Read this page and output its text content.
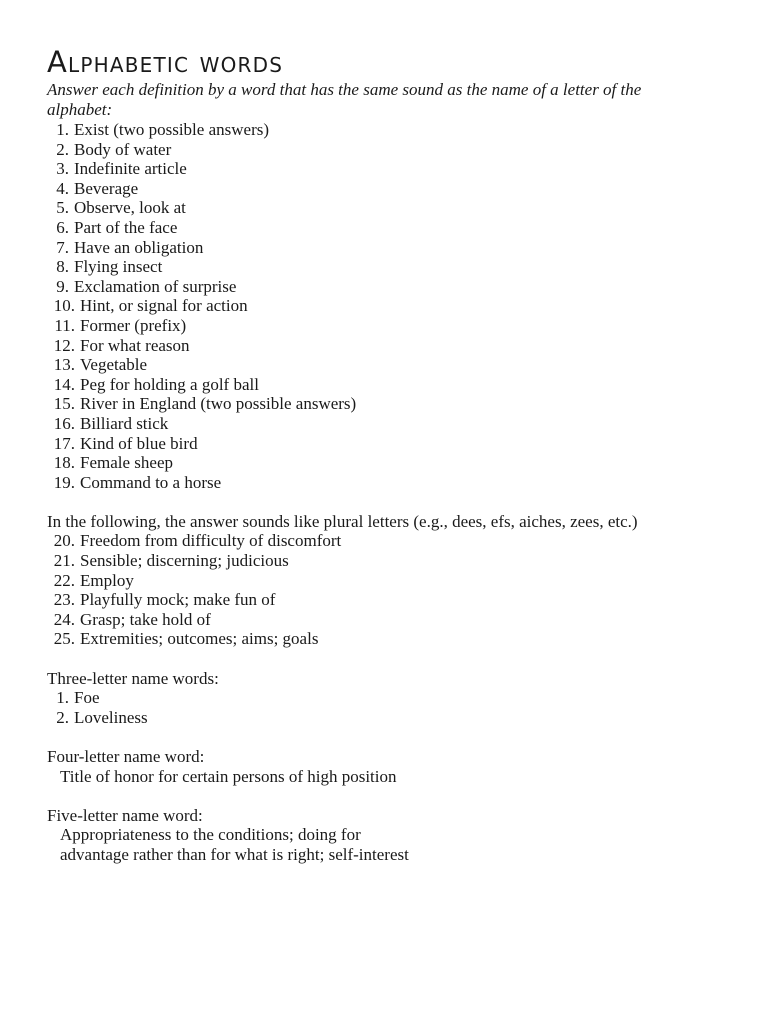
Alphabetic words

Answer each definition by a word that has the same sound as the name of a letter of the alphabet:

1. Exist (two possible answers)
2. Body of water
3. Indefinite article
4. Beverage
5. Observe, look at
6. Part of the face
7. Have an obligation
8. Flying insect
9. Exclamation of surprise
10. Hint, or signal for action
11. Former (prefix)
12. For what reason
13. Vegetable
14. Peg for holding a golf ball
15. River in England (two possible answers)
16. Billiard stick
17. Kind of blue bird
18. Female sheep
19. Command to a horse
In the following, the answer sounds like plural letters (e.g., dees, efs, aiches, zees, etc.)
20. Freedom from difficulty of discomfort
21. Sensible; discerning; judicious
22. Employ
23. Playfully mock; make fun of
24. Grasp; take hold of
25. Extremities; outcomes; aims; goals
Three-letter name words:
1. Foe
2. Loveliness
Four-letter name word:
Title of honor for certain persons of high position
Five-letter name word:
Appropriateness to the conditions; doing for
advantage rather than for what is right; self-interest
